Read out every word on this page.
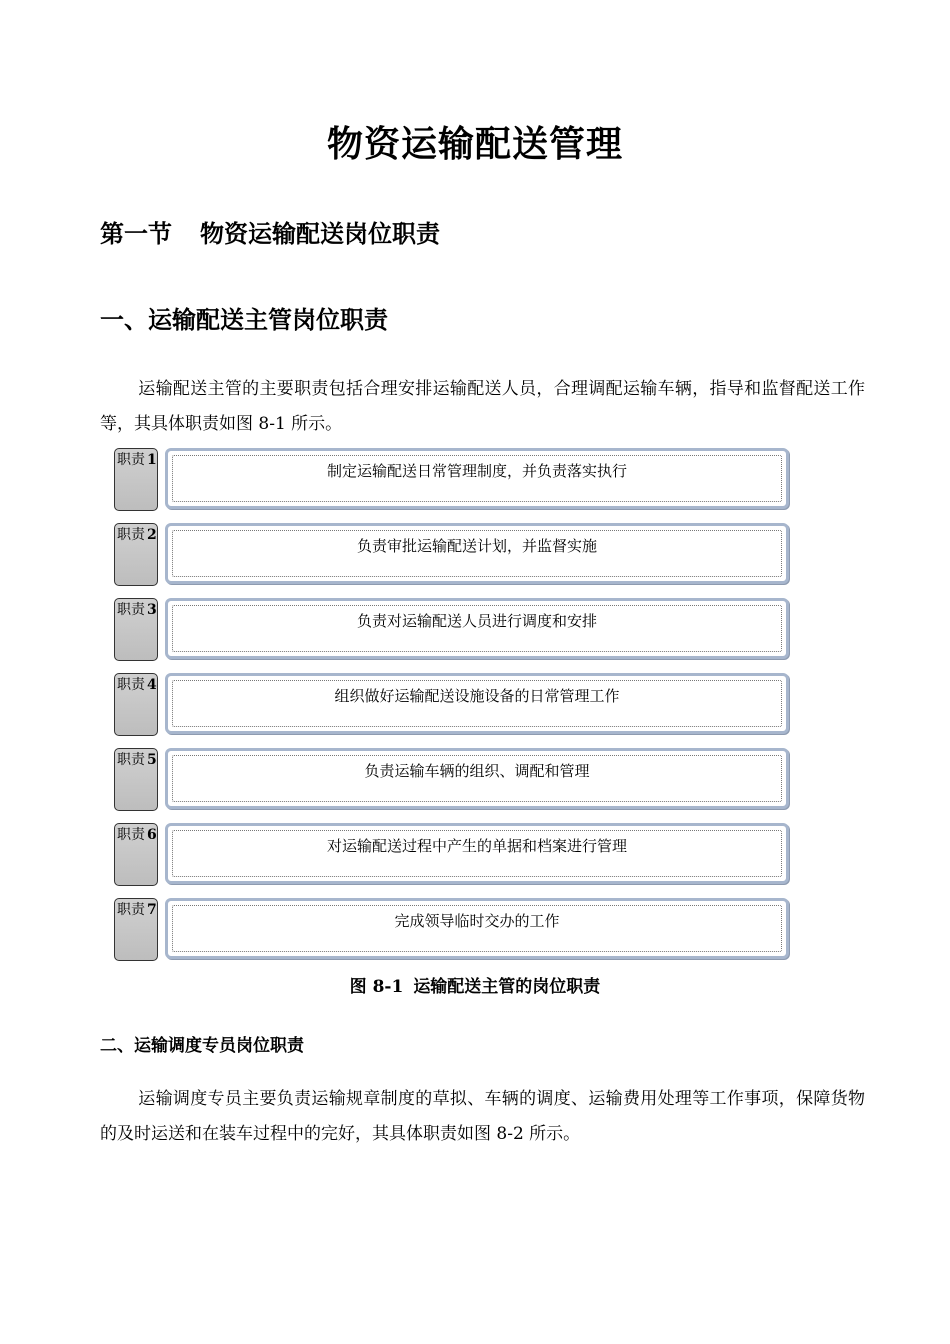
物资运输配送管理
第一节 物资运输配送岗位职责
一、运输配送主管岗位职责
运输配送主管的主要职责包括合理安排运输配送人员，合理调配运输车辆，指导和监督配送工作等，其具体职责如图 8-1 所示。
职责 1
制定运输配送日常管理制度，并负责落实执行
职责 2
负责审批运输配送计划，并监督实施
职责 3
负责对运输配送人员进行调度和安排
职责 4
组织做好运输配送设施设备的日常管理工作
职责 5
负责运输车辆的组织、调配和管理
职责 6
对运输配送过程中产生的单据和档案进行管理
职责 7
完成领导临时交办的工作
图 8-1 运输配送主管的岗位职责
二、运输调度专员岗位职责
运输调度专员主要负责运输规章制度的草拟、车辆的调度、运输费用处理等工作事项，保障货物的及时运送和在装车过程中的完好，其具体职责如图 8-2 所示。
